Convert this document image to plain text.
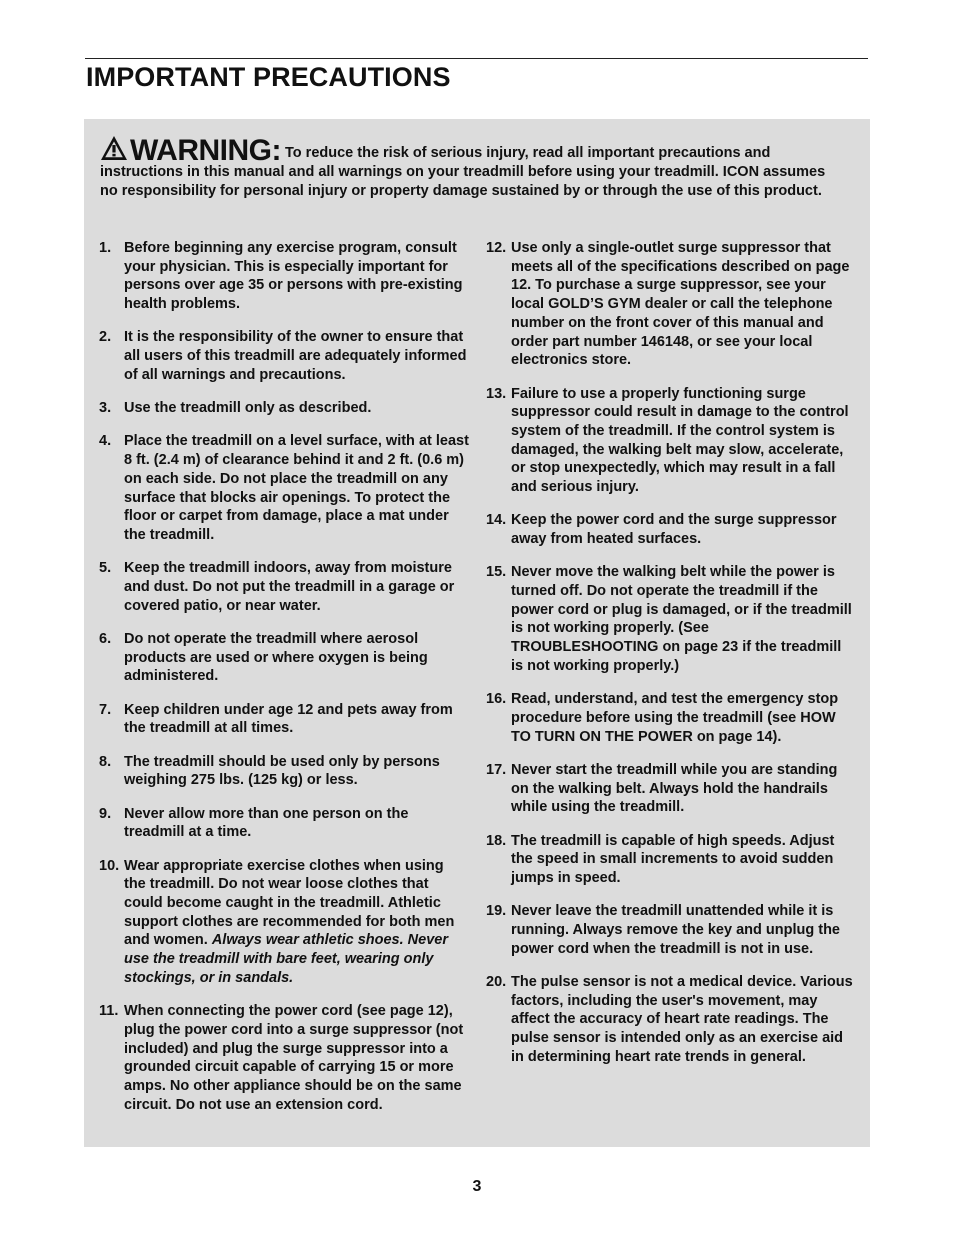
IMPORTANT PRECAUTIONS
WARNING: To reduce the risk of serious injury, read all important precautions and instructions in this manual and all warnings on your treadmill before using your treadmill. ICON assumes no responsibility for personal injury or property damage sustained by or through the use of this product.
1. Before beginning any exercise program, consult your physician. This is especially important for persons over age 35 or persons with pre-existing health problems.
2. It is the responsibility of the owner to ensure that all users of this treadmill are adequately informed of all warnings and precautions.
3. Use the treadmill only as described.
4. Place the treadmill on a level surface, with at least 8 ft. (2.4 m) of clearance behind it and 2 ft. (0.6 m) on each side. Do not place the treadmill on any surface that blocks air openings. To protect the floor or carpet from damage, place a mat under the treadmill.
5. Keep the treadmill indoors, away from moisture and dust. Do not put the treadmill in a garage or covered patio, or near water.
6. Do not operate the treadmill where aerosol products are used or where oxygen is being administered.
7. Keep children under age 12 and pets away from the treadmill at all times.
8. The treadmill should be used only by persons weighing 275 lbs. (125 kg) or less.
9. Never allow more than one person on the treadmill at a time.
10. Wear appropriate exercise clothes when using the treadmill. Do not wear loose clothes that could become caught in the treadmill. Athletic support clothes are recommended for both men and women. Always wear athletic shoes. Never use the treadmill with bare feet, wearing only stockings, or in sandals.
11. When connecting the power cord (see page 12), plug the power cord into a surge suppressor (not included) and plug the surge suppressor into a grounded circuit capable of carrying 15 or more amps. No other appliance should be on the same circuit. Do not use an extension cord.
12. Use only a single-outlet surge suppressor that meets all of the specifications described on page 12. To purchase a surge suppressor, see your local GOLD’S GYM dealer or call the telephone number on the front cover of this manual and order part number 146148, or see your local electronics store.
13. Failure to use a properly functioning surge suppressor could result in damage to the control system of the treadmill. If the control system is damaged, the walking belt may slow, accelerate, or stop unexpectedly, which may result in a fall and serious injury.
14. Keep the power cord and the surge suppressor away from heated surfaces.
15. Never move the walking belt while the power is turned off. Do not operate the treadmill if the power cord or plug is damaged, or if the treadmill is not working properly. (See TROUBLESHOOTING on page 23 if the treadmill is not working properly.)
16. Read, understand, and test the emergency stop procedure before using the treadmill (see HOW TO TURN ON THE POWER on page 14).
17. Never start the treadmill while you are standing on the walking belt. Always hold the handrails while using the treadmill.
18. The treadmill is capable of high speeds. Adjust the speed in small increments to avoid sudden jumps in speed.
19. Never leave the treadmill unattended while it is running. Always remove the key and unplug the power cord when the treadmill is not in use.
20. The pulse sensor is not a medical device. Various factors, including the user's movement, may affect the accuracy of heart rate readings. The pulse sensor is intended only as an exercise aid in determining heart rate trends in general.
3
